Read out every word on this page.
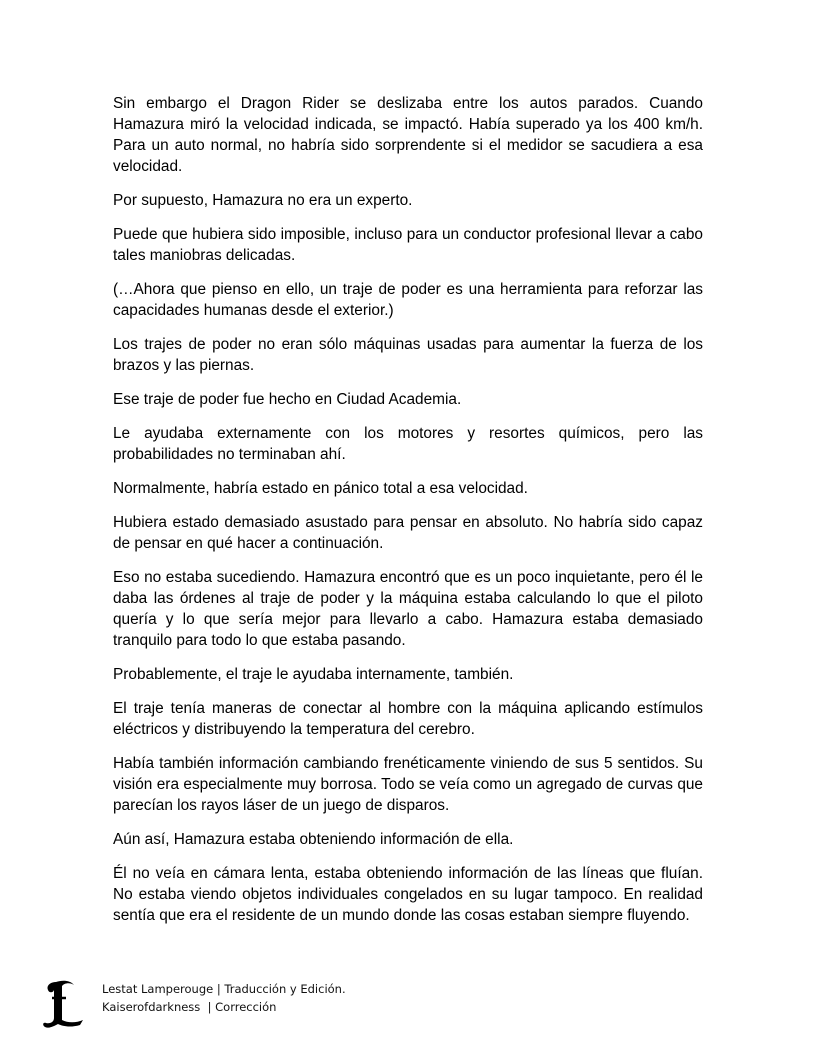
Sin embargo el Dragon Rider se deslizaba entre los autos parados. Cuando Hamazura miró la velocidad indicada, se impactó. Había superado ya los 400 km/h. Para un auto normal, no habría sido sorprendente si el medidor se sacudiera a esa velocidad.

Por supuesto, Hamazura no era un experto.

Puede que hubiera sido imposible, incluso para un conductor profesional llevar a cabo tales maniobras delicadas.

(…Ahora que pienso en ello, un traje de poder es una herramienta para reforzar las capacidades humanas desde el exterior.)

Los trajes de poder no eran sólo máquinas usadas para aumentar la fuerza de los brazos y las piernas.

Ese traje de poder fue hecho en Ciudad Academia.

Le ayudaba externamente con los motores y resortes químicos, pero las probabilidades no terminaban ahí.

Normalmente, habría estado en pánico total a esa velocidad.

Hubiera estado demasiado asustado para pensar en absoluto. No habría sido capaz de pensar en qué hacer a continuación.

Eso no estaba sucediendo. Hamazura encontró que es un poco inquietante, pero él le daba las órdenes al traje de poder y la máquina estaba calculando lo que el piloto quería y lo que sería mejor para llevarlo a cabo. Hamazura estaba demasiado tranquilo para todo lo que estaba pasando.

Probablemente, el traje le ayudaba internamente, también.

El traje tenía maneras de conectar al hombre con la máquina aplicando estímulos eléctricos y distribuyendo la temperatura del cerebro.

Había también información cambiando frenéticamente viniendo de sus 5 sentidos. Su visión era especialmente muy borrosa. Todo se veía como un agregado de curvas que parecían los rayos láser de un juego de disparos.

Aún así, Hamazura estaba obteniendo información de ella.

Él no veía en cámara lenta, estaba obteniendo información de las líneas que fluían. No estaba viendo objetos individuales congelados en su lugar tampoco. En realidad sentía que era el residente de un mundo donde las cosas estaban siempre fluyendo.

Lestat Lamperouge | Traducción y Edición.
Kaiserofdarkness  | Corrección
